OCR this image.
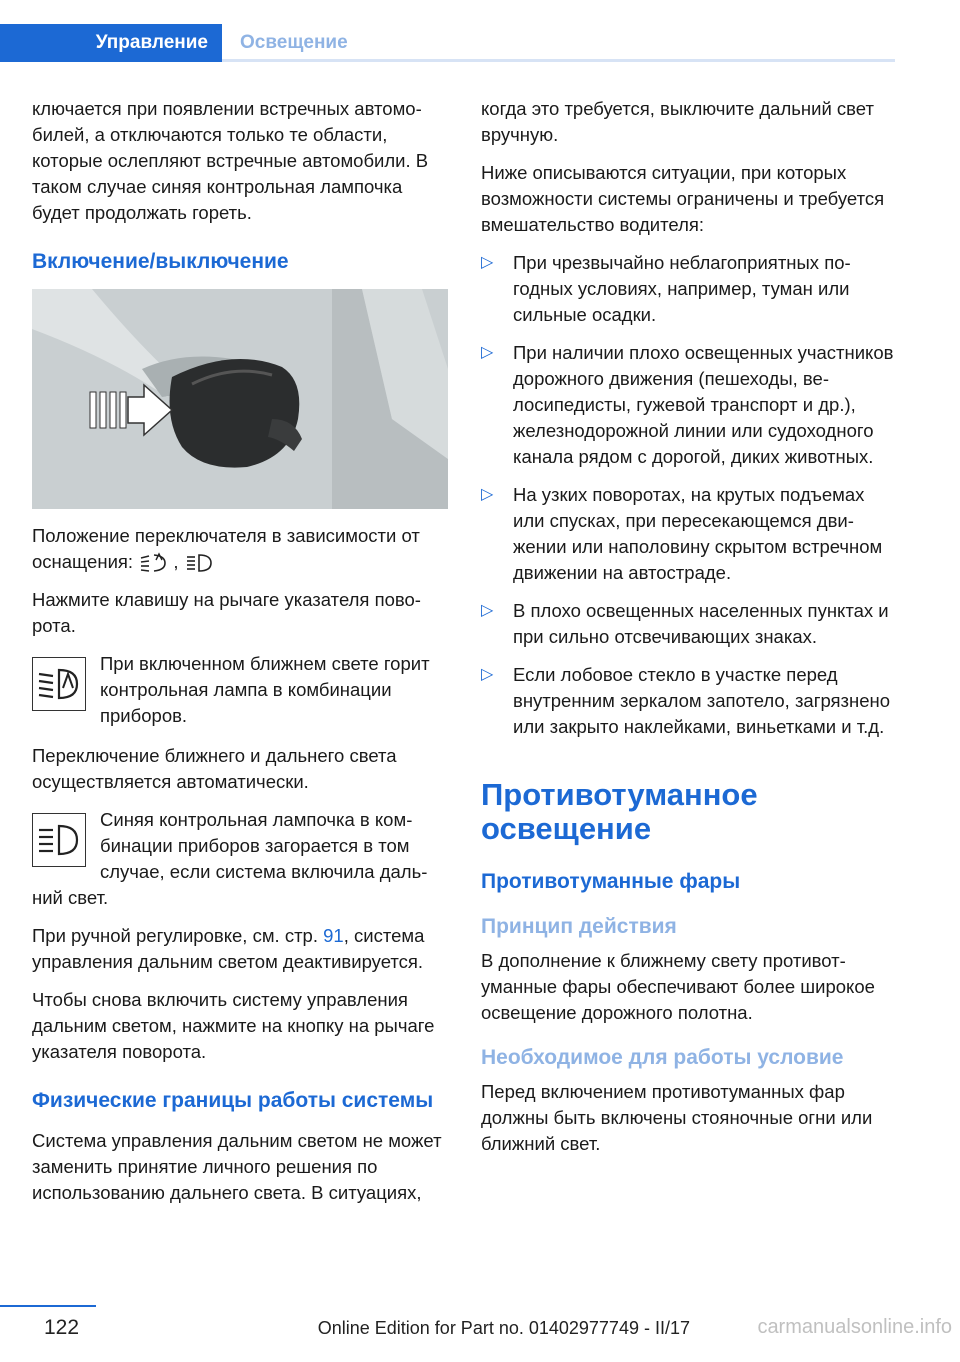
Управление	Освещение

ключается при появлении встречных автомобилей, а отключаются только те области, которые ослепляют встречные автомобили. В таком случае синяя контрольная лампочка будет продолжать гореть.

Включение/выключение

Положение переключателя в зависимости от оснащения: ,

Нажмите клавишу на рычаге указателя поворота.

При включенном ближнем свете горит контрольная лампа в комбинации приборов.

Переключение ближнего и дальнего света осуществляется автоматически.

Синяя контрольная лампочка в комбинации приборов загорается в том случае, если система включила дальний свет.

При ручной регулировке, см. стр. 91, система управления дальним светом деактивируется.

Чтобы снова включить систему управления дальним светом, нажмите на кнопку на рычаге указателя поворота.

Физические границы работы системы

Система управления дальним светом не может заменить принятие личного решения по использованию дальнего света. В ситуациях,

когда это требуется, выключите дальний свет вручную.

Ниже описываются ситуации, при которых возможности системы ограничены и требуется вмешательство водителя:

▷ При чрезвычайно неблагоприятных погодных условиях, например, туман или сильные осадки.
▷ При наличии плохо освещенных участников дорожного движения (пешеходы, велосипедисты, гужевой транспорт и др.), железнодорожной линии или судоходного канала рядом с дорогой, диких животных.
▷ На узких поворотах, на крутых подъемах или спусках, при пересекающемся движении или наполовину скрытом встречном движении на автостраде.
▷ В плохо освещенных населенных пунктах и при сильно отсвечивающих знаках.
▷ Если лобовое стекло в участке перед внутренним зеркалом запотело, загрязнено или закрыто наклейками, виньетками и т.д.
Противотуманное освещение
Противотуманные фары
Принцип действия

В дополнение к ближнему свету противотуманные фары обеспечивают более широкое освещение дорожного полотна.

Необходимое для работы условие

Перед включением противотуманных фар должны быть включены стояночные огни или ближний свет.

122	Online Edition for Part no. 01402977749 - II/17	carmanualsonline.info
